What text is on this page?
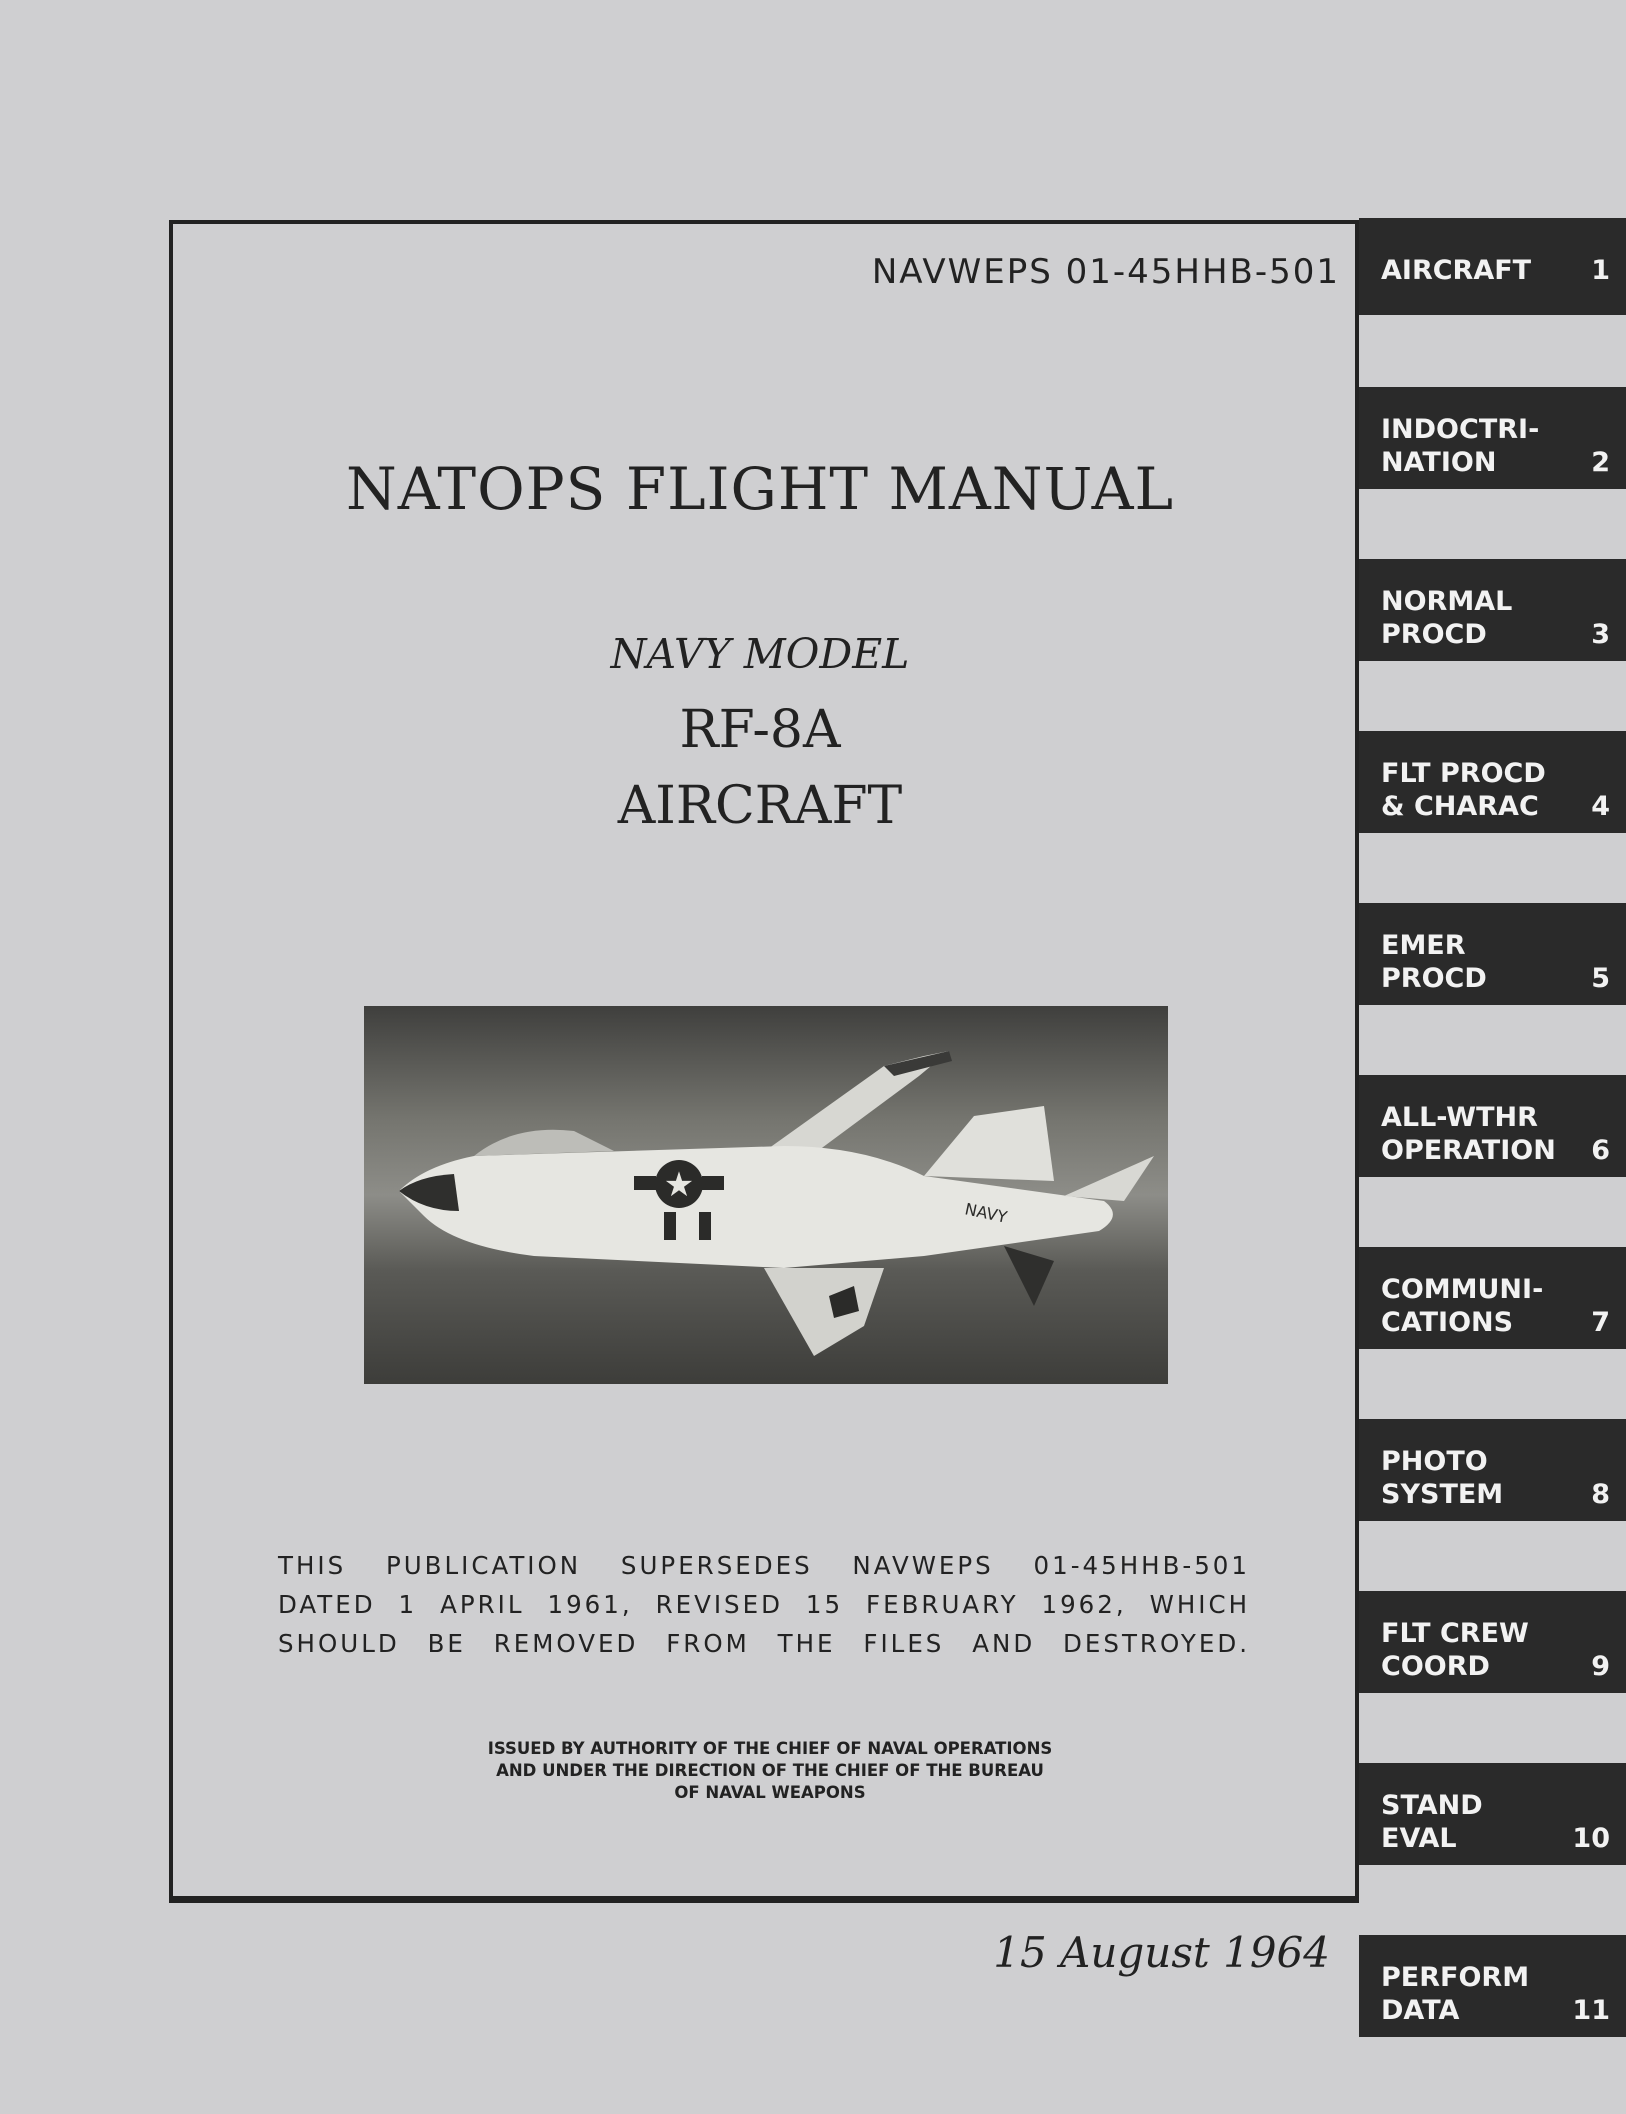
NAVWEPS 01-45HHB-501
NATOPS FLIGHT MANUAL
NAVY MODEL
RF-8A
AIRCRAFT
★
NAVY
THIS PUBLICATION SUPERSEDES NAVWEPS 01-45HHB-501
DATED 1 APRIL 1961, REVISED 15 FEBRUARY 1962, WHICH
SHOULD BE REMOVED FROM THE FILES AND DESTROYED.
ISSUED BY AUTHORITY OF THE CHIEF OF NAVAL OPERATIONS
AND UNDER THE DIRECTION OF THE CHIEF OF THE BUREAU
OF NAVAL WEAPONS
15 August 1964
AIRCRAFT 1
INDOCTRI-
NATION	2
NORMAL
PROCD	3
FLT PROCD
& CHARAC 4
EMER
PROCD	5
ALL-WTHR
OPERATION 6
COMMUNI-
CATIONS	7
PHOTO
SYSTEM	8
FLT CREW
COORD	9
STAND
EVAL	10
PERFORM
DATA	11
